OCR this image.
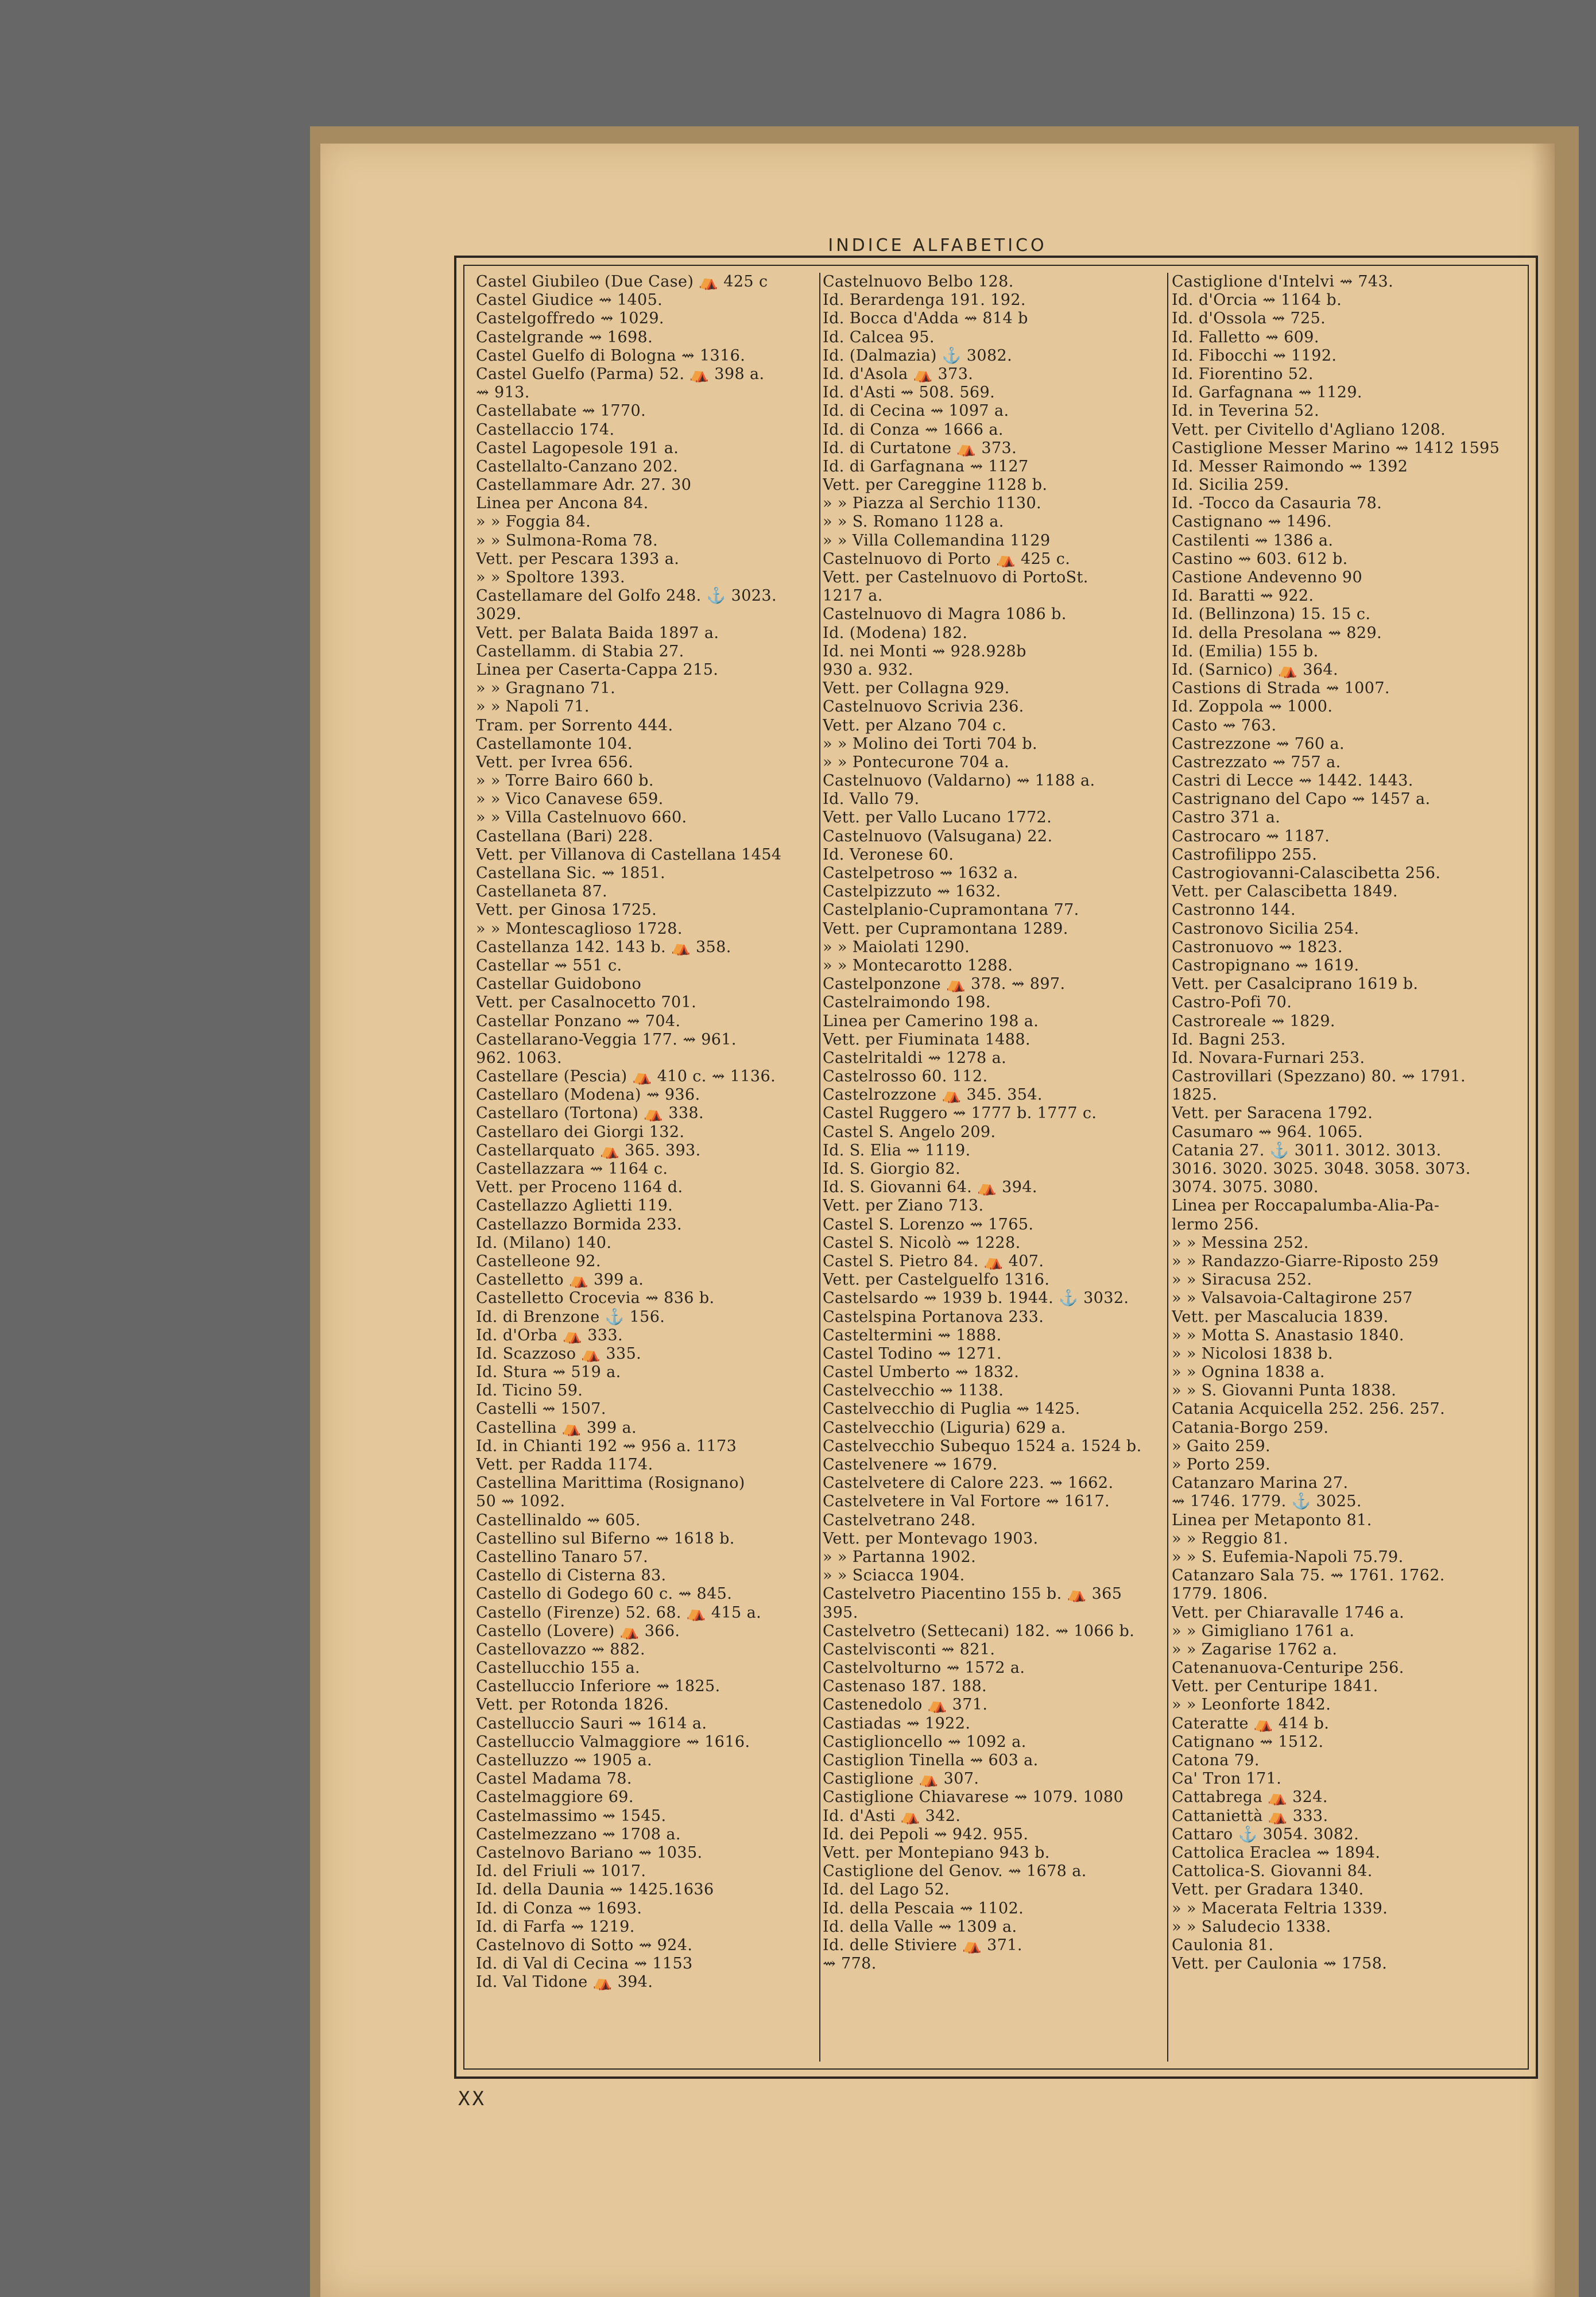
INDICE ALFABETICO
Castel Giubileo (Due Case) ⛺ 425 c
Castel Giudice ⇝ 1405.
Castelgoffredo ⇝ 1029.
Castelgrande ⇝ 1698.
Castel Guelfo di Bologna ⇝ 1316.
Castel Guelfo (Parma) 52. ⛺ 398 a.
⇝ 913.
Castellabate ⇝ 1770.
Castellaccio 174.
Castel Lagopesole 191 a.
Castellalto-Canzano 202.
Castellammare Adr. 27. 30
Linea per Ancona 84.
» » Foggia 84.
» » Sulmona-Roma 78.
Vett. per Pescara 1393 a.
» » Spoltore 1393.
Castellamare del Golfo 248. ⚓ 3023.
3029.
Vett. per Balata Baida 1897 a.
Castellamm. di Stabia 27.
Linea per Caserta-Cappa 215.
» » Gragnano 71.
» » Napoli 71.
Tram. per Sorrento 444.
Castellamonte 104.
Vett. per Ivrea 656.
» » Torre Bairo 660 b.
» » Vico Canavese 659.
» » Villa Castelnuovo 660.
Castellana (Bari) 228.
Vett. per Villanova di Castellana 1454
Castellana Sic. ⇝ 1851.
Castellaneta 87.
Vett. per Ginosa 1725.
» » Montescaglioso 1728.
Castellanza 142. 143 b. ⛺ 358.
Castellar ⇝ 551 c.
Castellar Guidobono
Vett. per Casalnocetto 701.
Castellar Ponzano ⇝ 704.
Castellarano-Veggia 177. ⇝ 961.
962. 1063.
Castellare (Pescia) ⛺ 410 c. ⇝ 1136.
Castellaro (Modena) ⇝ 936.
Castellaro (Tortona) ⛺ 338.
Castellaro dei Giorgi 132.
Castellarquato ⛺ 365. 393.
Castellazzara ⇝ 1164 c.
Vett. per Proceno 1164 d.
Castellazzo Aglietti 119.
Castellazzo Bormida 233.
Id. (Milano) 140.
Castelleone 92.
Castelletto ⛺ 399 a.
Castelletto Crocevia ⇝ 836 b.
Id. di Brenzone ⚓ 156.
Id. d'Orba ⛺ 333.
Id. Scazzoso ⛺ 335.
Id. Stura ⇝ 519 a.
Id. Ticino 59.
Castelli ⇝ 1507.
Castellina ⛺ 399 a.
Id. in Chianti 192 ⇝ 956 a. 1173
Vett. per Radda 1174.
Castellina Marittima (Rosignano)
50 ⇝ 1092.
Castellinaldo ⇝ 605.
Castellino sul Biferno ⇝ 1618 b.
Castellino Tanaro 57.
Castello di Cisterna 83.
Castello di Godego 60 c. ⇝ 845.
Castello (Firenze) 52. 68. ⛺ 415 a.
Castello (Lovere) ⛺ 366.
Castellovazzo ⇝ 882.
Castellucchio 155 a.
Castelluccio Inferiore ⇝ 1825.
Vett. per Rotonda 1826.
Castelluccio Sauri ⇝ 1614 a.
Castelluccio Valmaggiore ⇝ 1616.
Castelluzzo ⇝ 1905 a.
Castel Madama 78.
Castelmaggiore 69.
Castelmassimo ⇝ 1545.
Castelmezzano ⇝ 1708 a.
Castelnovo Bariano ⇝ 1035.
Id. del Friuli ⇝ 1017.
Id. della Daunia ⇝ 1425.1636
Id. di Conza ⇝ 1693.
Id. di Farfa ⇝ 1219.
Castelnovo di Sotto ⇝ 924.
Id. di Val di Cecina ⇝ 1153
Id. Val Tidone ⛺ 394.
Castelnuovo Belbo 128.
Id. Berardenga 191. 192.
Id. Bocca d'Adda ⇝ 814 b
Id. Calcea 95.
Id. (Dalmazia) ⚓ 3082.
Id. d'Asola ⛺ 373.
Id. d'Asti ⇝ 508. 569.
Id. di Cecina ⇝ 1097 a.
Id. di Conza ⇝ 1666 a.
Id. di Curtatone ⛺ 373.
Id. di Garfagnana ⇝ 1127
Vett. per Careggine 1128 b.
» » Piazza al Serchio 1130.
» » S. Romano 1128 a.
» » Villa Collemandina 1129
Castelnuovo di Porto ⛺ 425 c.
Vett. per Castelnuovo di PortoSt.
1217 a.
Castelnuovo di Magra 1086 b.
Id. (Modena) 182.
Id. nei Monti ⇝ 928.928b
930 a. 932.
Vett. per Collagna 929.
Castelnuovo Scrivia 236.
Vett. per Alzano 704 c.
» » Molino dei Torti 704 b.
» » Pontecurone 704 a.
Castelnuovo (Valdarno) ⇝ 1188 a.
Id. Vallo 79.
Vett. per Vallo Lucano 1772.
Castelnuovo (Valsugana) 22.
Id. Veronese 60.
Castelpetroso ⇝ 1632 a.
Castelpizzuto ⇝ 1632.
Castelplanio-Cupramontana 77.
Vett. per Cupramontana 1289.
» » Maiolati 1290.
» » Montecarotto 1288.
Castelponzone ⛺ 378. ⇝ 897.
Castelraimondo 198.
Linea per Camerino 198 a.
Vett. per Fiuminata 1488.
Castelritaldi ⇝ 1278 a.
Castelrosso 60. 112.
Castelrozzone ⛺ 345. 354.
Castel Ruggero ⇝ 1777 b. 1777 c.
Castel S. Angelo 209.
Id. S. Elia ⇝ 1119.
Id. S. Giorgio 82.
Id. S. Giovanni 64. ⛺ 394.
Vett. per Ziano 713.
Castel S. Lorenzo ⇝ 1765.
Castel S. Nicolò ⇝ 1228.
Castel S. Pietro 84. ⛺ 407.
Vett. per Castelguelfo 1316.
Castelsardo ⇝ 1939 b. 1944. ⚓ 3032.
Castelspina Portanova 233.
Casteltermini ⇝ 1888.
Castel Todino ⇝ 1271.
Castel Umberto ⇝ 1832.
Castelvecchio ⇝ 1138.
Castelvecchio di Puglia ⇝ 1425.
Castelvecchio (Liguria) 629 a.
Castelvecchio Subequo 1524 a. 1524 b.
Castelvenere ⇝ 1679.
Castelvetere di Calore 223. ⇝ 1662.
Castelvetere in Val Fortore ⇝ 1617.
Castelvetrano 248.
Vett. per Montevago 1903.
» » Partanna 1902.
» » Sciacca 1904.
Castelvetro Piacentino 155 b. ⛺ 365
395.
Castelvetro (Settecani) 182. ⇝ 1066 b.
Castelvisconti ⇝ 821.
Castelvolturno ⇝ 1572 a.
Castenaso 187. 188.
Castenedolo ⛺ 371.
Castiadas ⇝ 1922.
Castiglioncello ⇝ 1092 a.
Castiglion Tinella ⇝ 603 a.
Castiglione ⛺ 307.
Castiglione Chiavarese ⇝ 1079. 1080
Id. d'Asti ⛺ 342.
Id. dei Pepoli ⇝ 942. 955.
Vett. per Montepiano 943 b.
Castiglione del Genov. ⇝ 1678 a.
Id. del Lago 52.
Id. della Pescaia ⇝ 1102.
Id. della Valle ⇝ 1309 a.
Id. delle Stiviere ⛺ 371.
⇝ 778.
Castiglione d'Intelvi ⇝ 743.
Id. d'Orcia ⇝ 1164 b.
Id. d'Ossola ⇝ 725.
Id. Falletto ⇝ 609.
Id. Fibocchi ⇝ 1192.
Id. Fiorentino 52.
Id. Garfagnana ⇝ 1129.
Id. in Teverina 52.
Vett. per Civitello d'Agliano 1208.
Castiglione Messer Marino ⇝ 1412 1595
Id. Messer Raimondo ⇝ 1392
Id. Sicilia 259.
Id. -Tocco da Casauria 78.
Castignano ⇝ 1496.
Castilenti ⇝ 1386 a.
Castino ⇝ 603. 612 b.
Castione Andevenno 90
Id. Baratti ⇝ 922.
Id. (Bellinzona) 15. 15 c.
Id. della Presolana ⇝ 829.
Id. (Emilia) 155 b.
Id. (Sarnico) ⛺ 364.
Castions di Strada ⇝ 1007.
Id. Zoppola ⇝ 1000.
Casto ⇝ 763.
Castrezzone ⇝ 760 a.
Castrezzato ⇝ 757 a.
Castri di Lecce ⇝ 1442. 1443.
Castrignano del Capo ⇝ 1457 a.
Castro 371 a.
Castrocaro ⇝ 1187.
Castrofilippo 255.
Castrogiovanni-Calascibetta 256.
Vett. per Calascibetta 1849.
Castronno 144.
Castronovo Sicilia 254.
Castronuovo ⇝ 1823.
Castropignano ⇝ 1619.
Vett. per Casalciprano 1619 b.
Castro-Pofi 70.
Castroreale ⇝ 1829.
Id. Bagni 253.
Id. Novara-Furnari 253.
Castrovillari (Spezzano) 80. ⇝ 1791.
1825.
Vett. per Saracena 1792.
Casumaro ⇝ 964. 1065.
Catania 27. ⚓ 3011. 3012. 3013.
3016. 3020. 3025. 3048. 3058. 3073.
3074. 3075. 3080.
Linea per Roccapalumba-Alia-Pa-
lermo 256.
» » Messina 252.
» » Randazzo-Giarre-Riposto 259
» » Siracusa 252.
» » Valsavoia-Caltagirone 257
Vett. per Mascalucia 1839.
» » Motta S. Anastasio 1840.
» » Nicolosi 1838 b.
» » Ognina 1838 a.
» » S. Giovanni Punta 1838.
Catania Acquicella 252. 256. 257.
Catania-Borgo 259.
» Gaito 259.
» Porto 259.
Catanzaro Marina 27.
⇝ 1746. 1779. ⚓ 3025.
Linea per Metaponto 81.
» » Reggio 81.
» » S. Eufemia-Napoli 75.79.
Catanzaro Sala 75. ⇝ 1761. 1762.
1779. 1806.
Vett. per Chiaravalle 1746 a.
» » Gimigliano 1761 a.
» » Zagarise 1762 a.
Catenanuova-Centuripe 256.
Vett. per Centuripe 1841.
» » Leonforte 1842.
Cateratte ⛺ 414 b.
Catignano ⇝ 1512.
Catona 79.
Ca' Tron 171.
Cattabrega ⛺ 324.
Cattaniettà ⛺ 333.
Cattaro ⚓ 3054. 3082.
Cattolica Eraclea ⇝ 1894.
Cattolica-S. Giovanni 84.
Vett. per Gradara 1340.
» » Macerata Feltria 1339.
» » Saludecio 1338.
Caulonia 81.
Vett. per Caulonia ⇝ 1758.
XX
